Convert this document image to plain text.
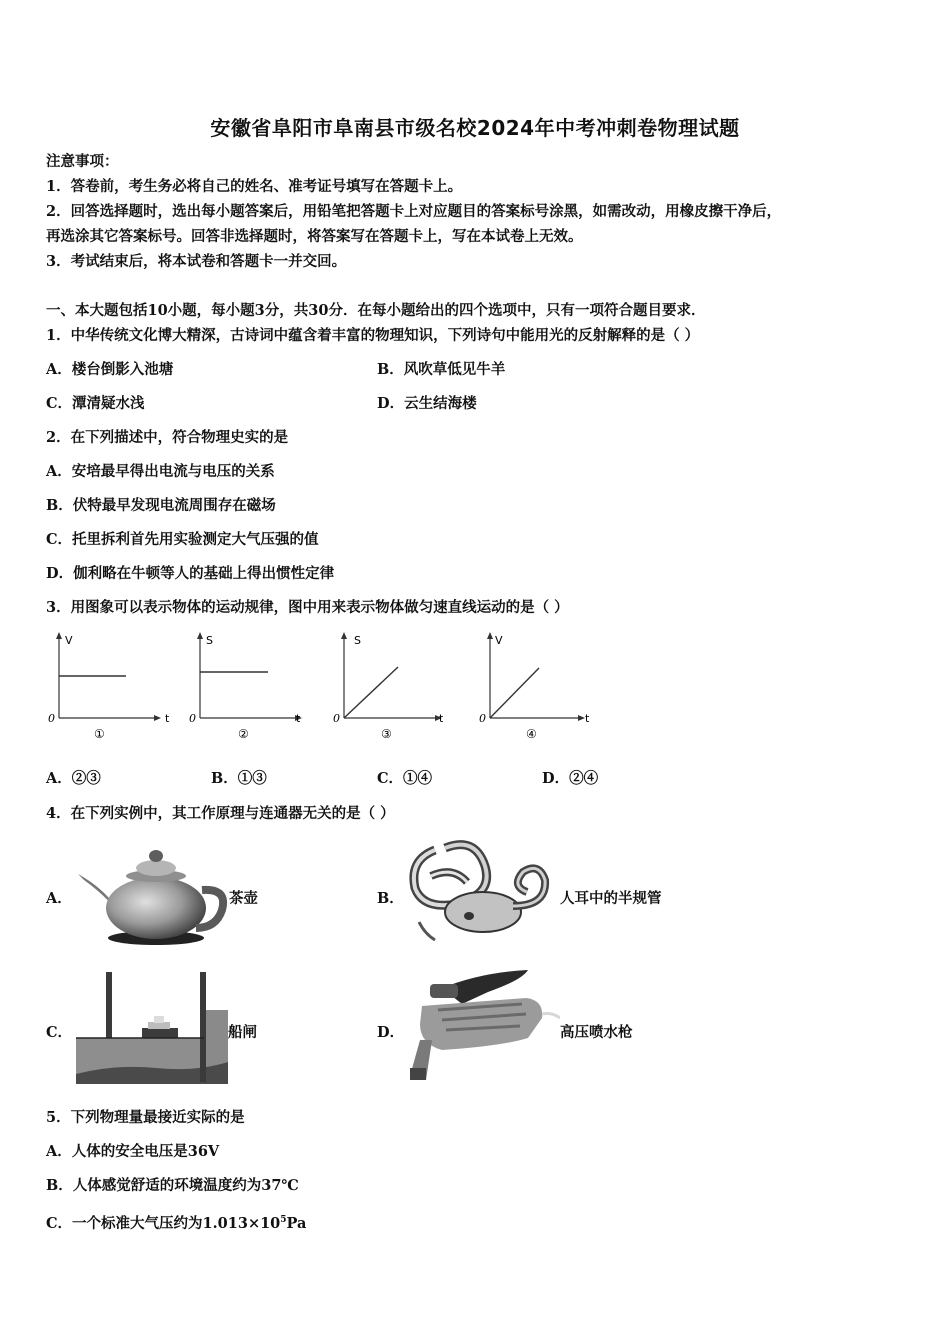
安徽省阜阳市阜南县市级名校2024年中考冲刺卷物理试题
注意事项：
1．答卷前，考生务必将自己的姓名、准考证号填写在答题卡上。
2．回答选择题时，选出每小题答案后，用铅笔把答题卡上对应题目的答案标号涂黑，如需改动，用橡皮擦干净后，
再选涂其它答案标号。回答非选择题时，将答案写在答题卡上，写在本试卷上无效。
3．考试结束后，将本试卷和答题卡一并交回。
一、本大题包括10小题，每小题3分，共30分．在每小题给出的四个选项中，只有一项符合题目要求．
1．中华传统文化博大精深，古诗词中蕴含着丰富的物理知识，下列诗句中能用光的反射解释的是（ ）
A．楼台倒影入池塘	B．风吹草低见牛羊
C．潭清疑水浅	D．云生结海楼
2．在下列描述中，符合物理史实的是
A．安培最早得出电流与电压的关系
B．伏特最早发现电流周围存在磁场
C．托里拆利首先用实验测定大气压强的值
D．伽利略在牛顿等人的基础上得出惯性定律
3．用图象可以表示物体的运动规律，图中用来表示物体做匀速直线运动的是（ ）
V
0	t
①
S
0	t
②
S
0	t
③
V
0	t
④
A．②③	B．①③	C．①④	D．②④
4．在下列实例中，其工作原理与连通器无关的是（ ）
A．	茶壶	B．	人耳中的半规管
C．	船闸	D．	高压喷水枪
5．下列物理量最接近实际的是
A．人体的安全电压是36V
B．人体感觉舒适的环境温度约为37℃
C．一个标准大气压约为$1.013\times 10^5Pa$
